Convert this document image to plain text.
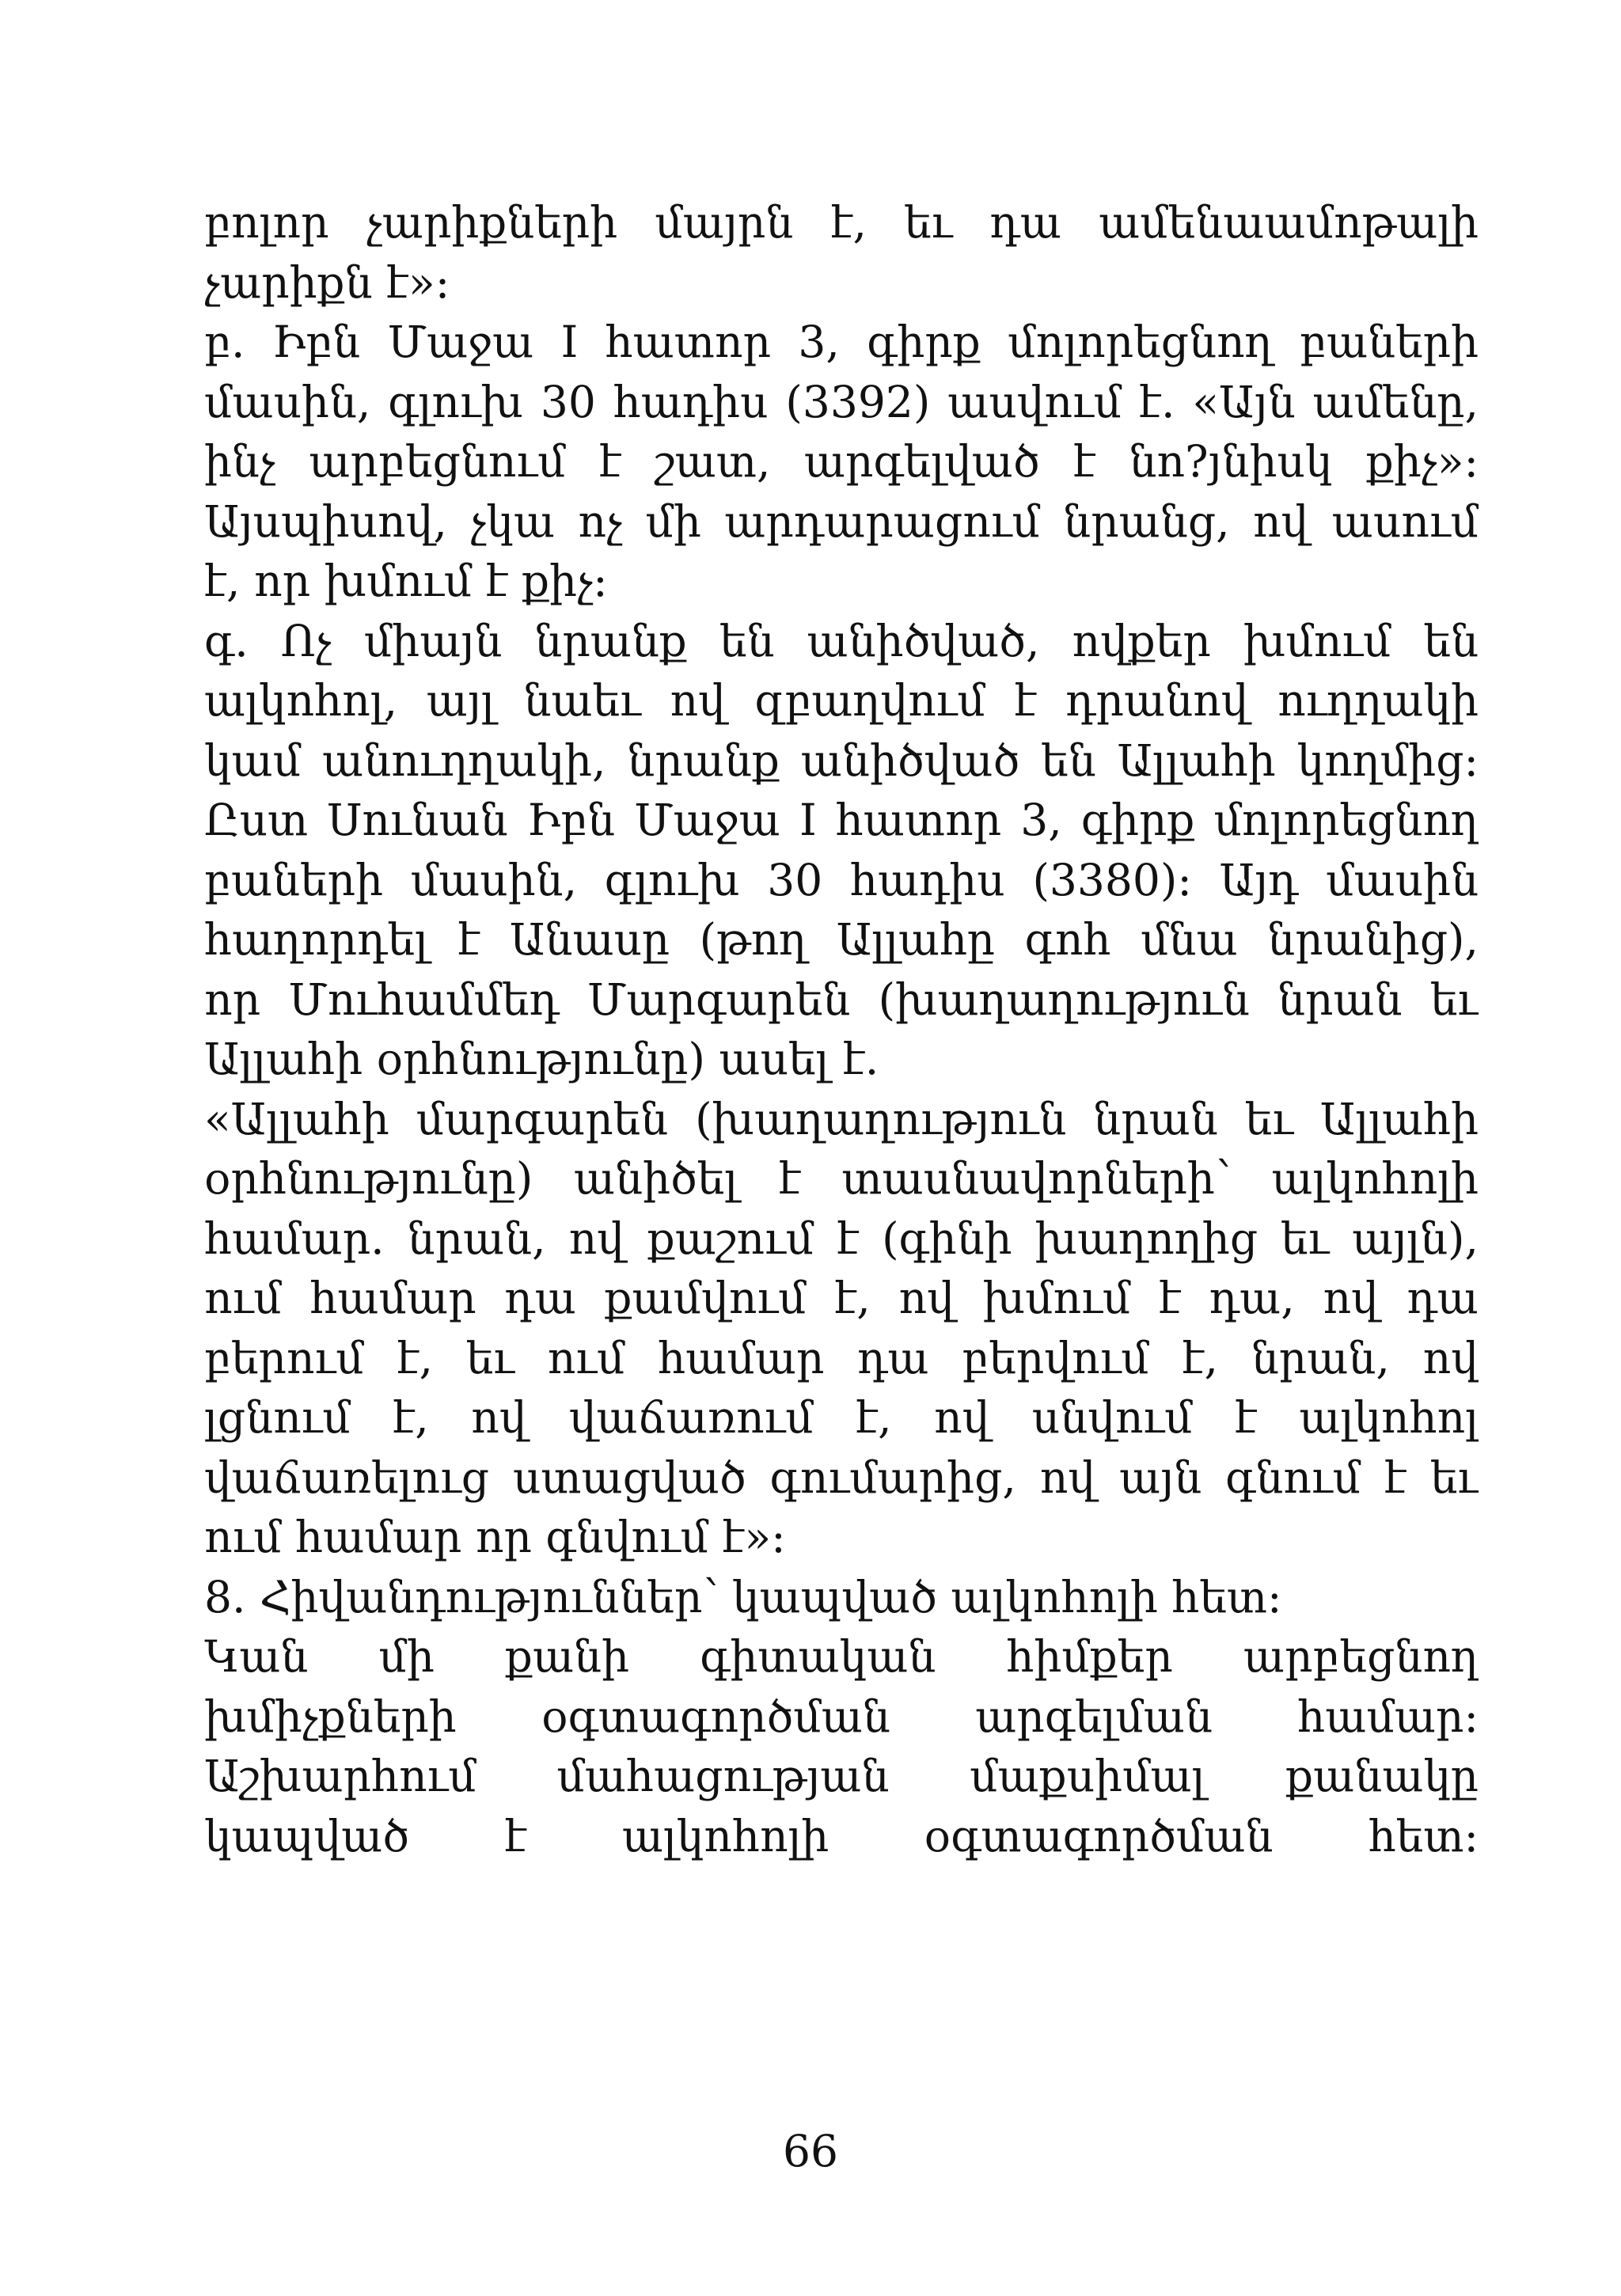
բոլոր չարիքների մայրն է, եւ դա ամենաամոթալի
չարիքն է»:
բ. Իբն Մաջա I հատոր 3, գիրք մոլորեցնող բաների
մասին, գլուխ 30 հադիս (3392) ասվում է. «Այն ամենը,
ինչ արբեցնում է շատ, արգելված է նո?յնիսկ քիչ»:
Այսպիսով, չկա ոչ մի արդարացում նրանց, ով ասում
է, որ խմում է քիչ:
գ. Ոչ միայն նրանք են անիծված, ովքեր խմում են
ալկոհոլ, այլ նաեւ ով զբաղվում է դրանով ուղղակի
կամ անուղղակի, նրանք անիծված են Ալլահի կողմից:
Ըստ Սունան Իբն Մաջա I հատոր 3, գիրք մոլորեցնող
բաների մասին, գլուխ 30 հադիս (3380): Այդ մասին
հաղորդել է Անասը (թող Ալլահը գոհ մնա նրանից),
որ Մուհամմեդ Մարգարեն (խաղաղություն նրան եւ
Ալլահի օրհնությունը) ասել է.
«Ալլահի մարգարեն (խաղաղություն նրան եւ Ալլահի
օրհնությունը) անիծել է տասնավորների՝ ալկոհոլի
համար. նրան, ով քաշում է (գինի խաղողից եւ այլն),
ում համար դա քամվում է, ով խմում է դա, ով դա
բերում է, եւ ում համար դա բերվում է, նրան, ով
լցնում է, ով վաճառում է, ով սնվում է ալկոհոլ
վաճառելուց ստացված գումարից, ով այն գնում է եւ
ում համար որ գնվում է»:
8. Հիվանդություններ՝ կապված ալկոհոլի հետ:
Կան մի քանի գիտական հիմքեր արբեցնող
խմիչքների օգտագործման արգելման համար:
Աշխարհում մահացության մաքսիմալ քանակը
կապված է ալկոհոլի օգտագործման հետ:
66
